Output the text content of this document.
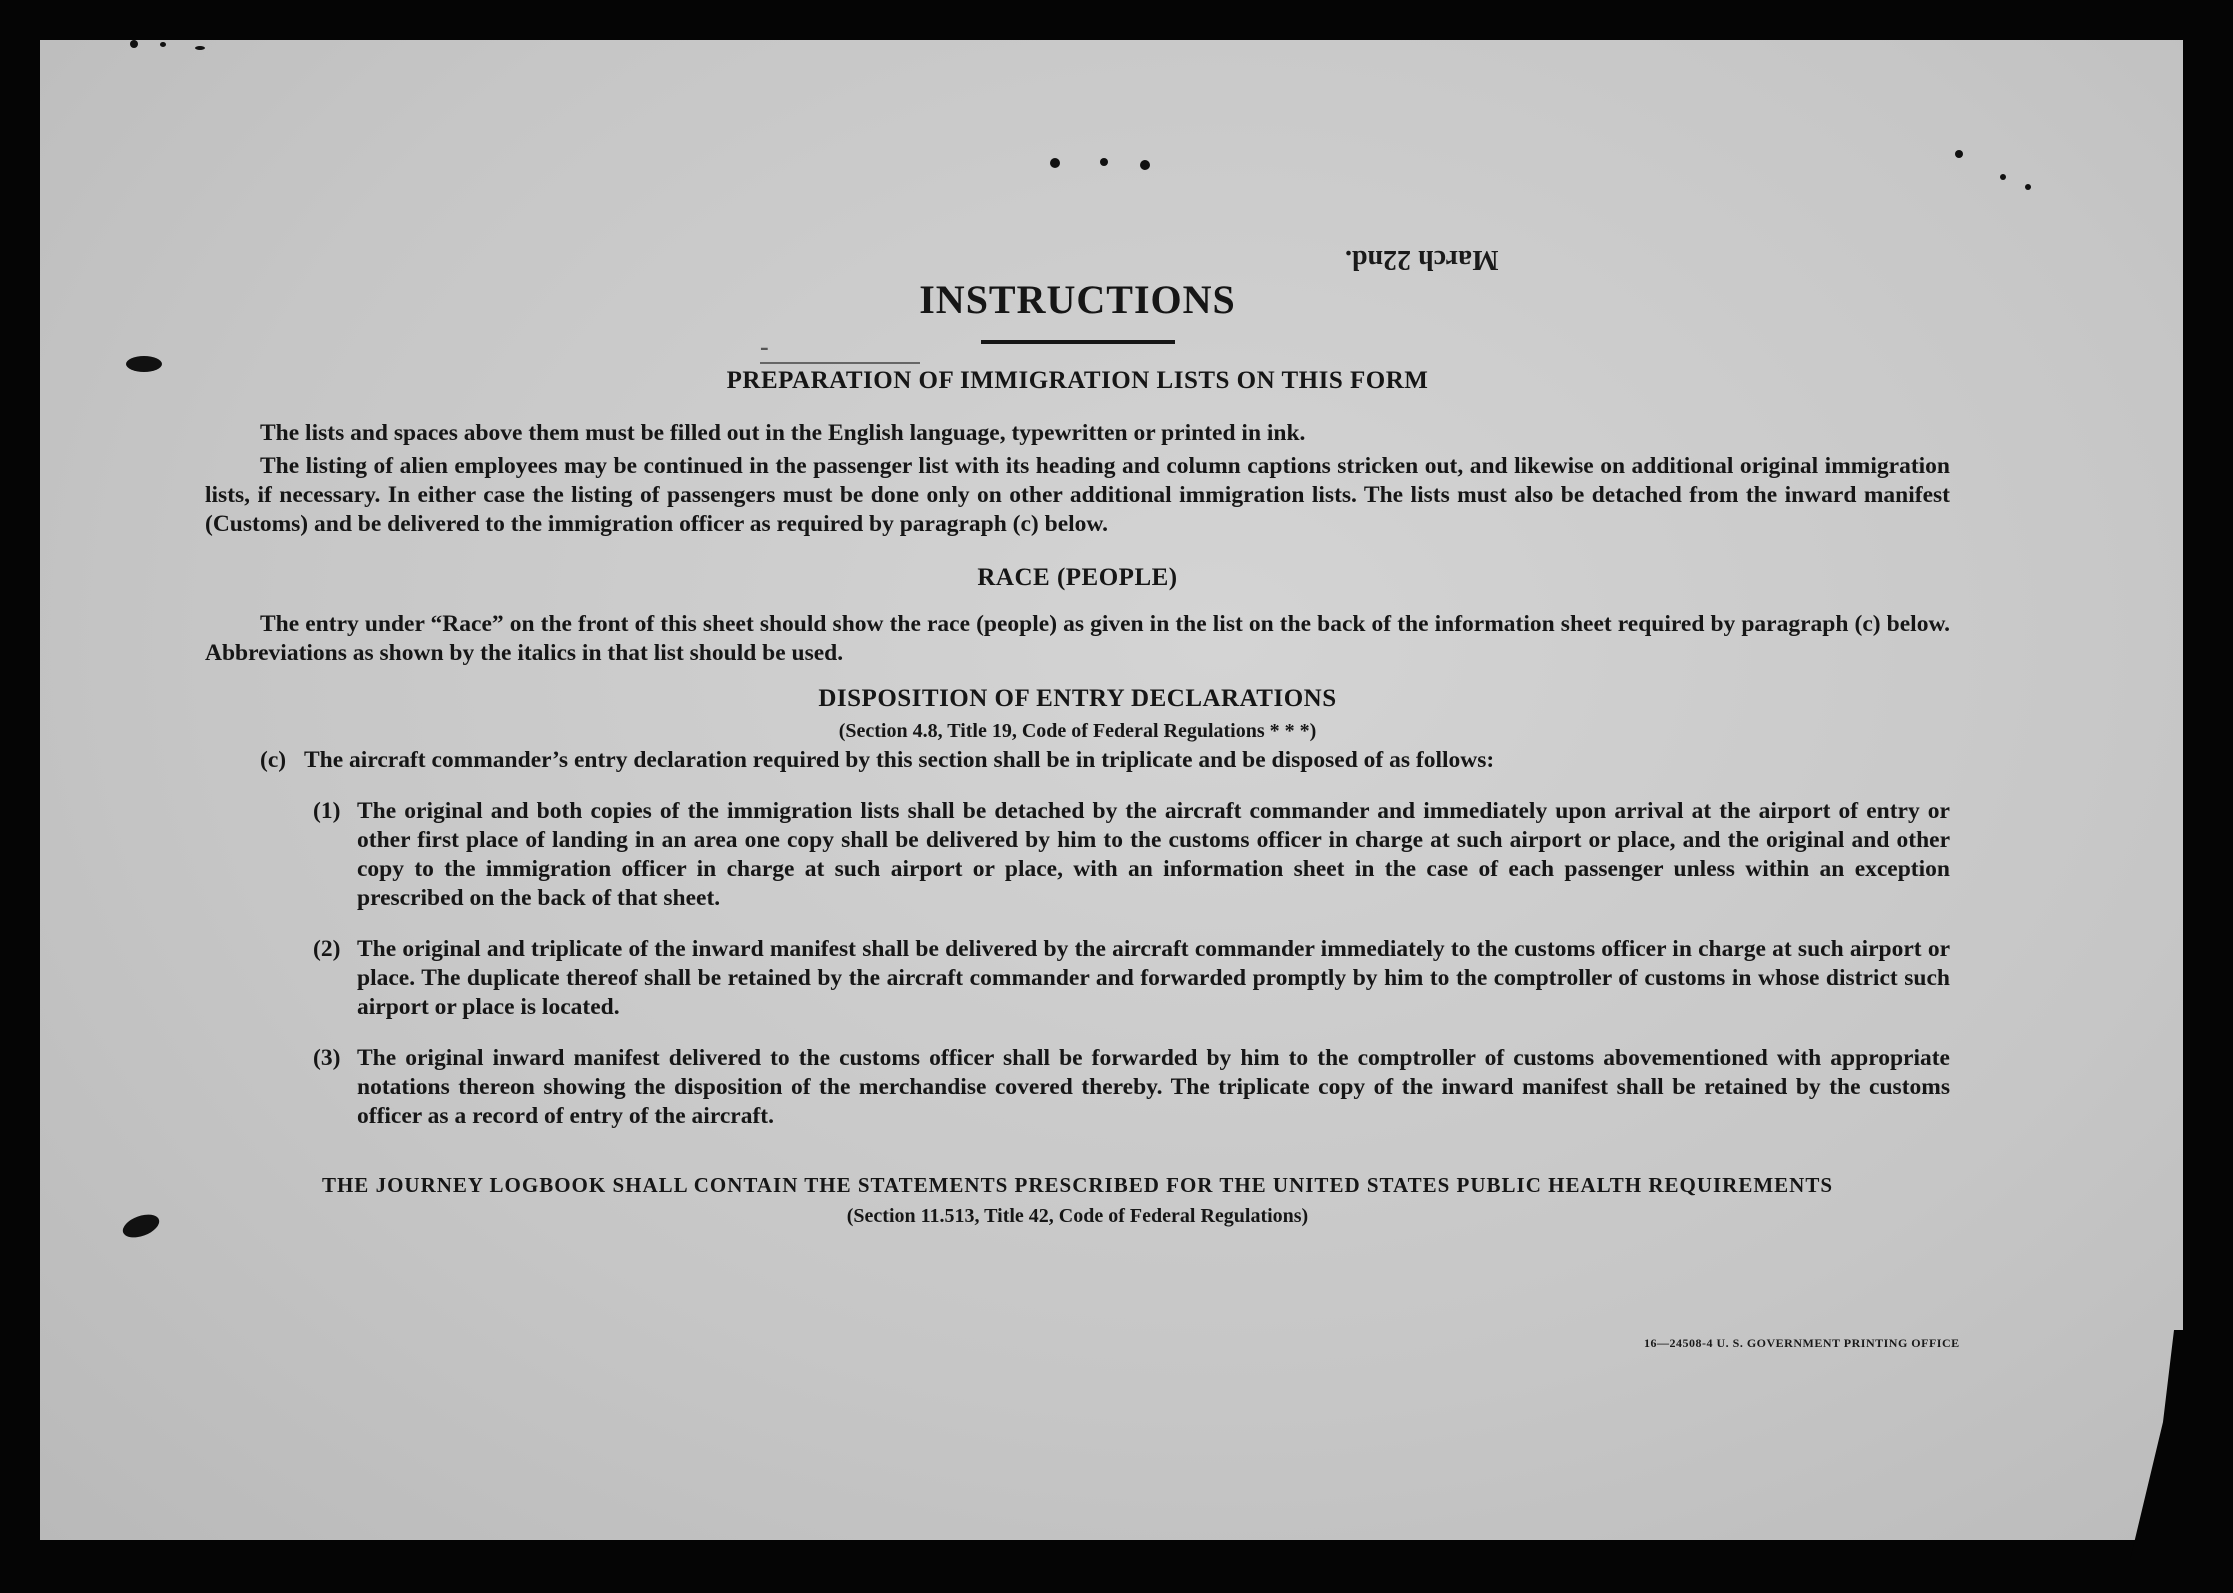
March 22nd.
-
16—24508-4 U. S. GOVERNMENT PRINTING OFFICE
INSTRUCTIONS
PREPARATION OF IMMIGRATION LISTS ON THIS FORM

The lists and spaces above them must be filled out in the English language, typewritten or printed in ink.

The listing of alien employees may be continued in the passenger list with its heading and column captions stricken out, and likewise on additional original immigration lists, if necessary. In either case the listing of passengers must be done only on other additional immigration lists. The lists must also be detached from the inward manifest (Customs) and be delivered to the immigration officer as required by paragraph (c) below.

RACE (PEOPLE)

The entry under “Race” on the front of this sheet should show the race (people) as given in the list on the back of the information sheet required by paragraph (c) below. Abbreviations as shown by the italics in that list should be used.

DISPOSITION OF ENTRY DECLARATIONS
(Section 4.8, Title 19, Code of Federal Regulations * * *)
(c) The aircraft commander’s entry declaration required by this section shall be in triplicate and be disposed of as follows:
(1) The original and both copies of the immigration lists shall be detached by the aircraft commander and immediately upon arrival at the airport of entry or other first place of landing in an area one copy shall be delivered by him to the customs officer in charge at such airport or place, and the original and other copy to the immigration officer in charge at such airport or place, with an information sheet in the case of each passenger unless within an exception prescribed on the back of that sheet.
(2) The original and triplicate of the inward manifest shall be delivered by the aircraft commander immediately to the customs officer in charge at such airport or place. The duplicate thereof shall be retained by the aircraft commander and forwarded promptly by him to the comptroller of customs in whose district such airport or place is located.
(3) The original inward manifest delivered to the customs officer shall be forwarded by him to the comptroller of customs abovementioned with appropriate notations thereon showing the disposition of the merchandise covered thereby. The triplicate copy of the inward manifest shall be retained by the customs officer as a record of entry of the aircraft.
THE JOURNEY LOGBOOK SHALL CONTAIN THE STATEMENTS PRESCRIBED FOR THE UNITED STATES PUBLIC HEALTH REQUIREMENTS
(Section 11.513, Title 42, Code of Federal Regulations)
